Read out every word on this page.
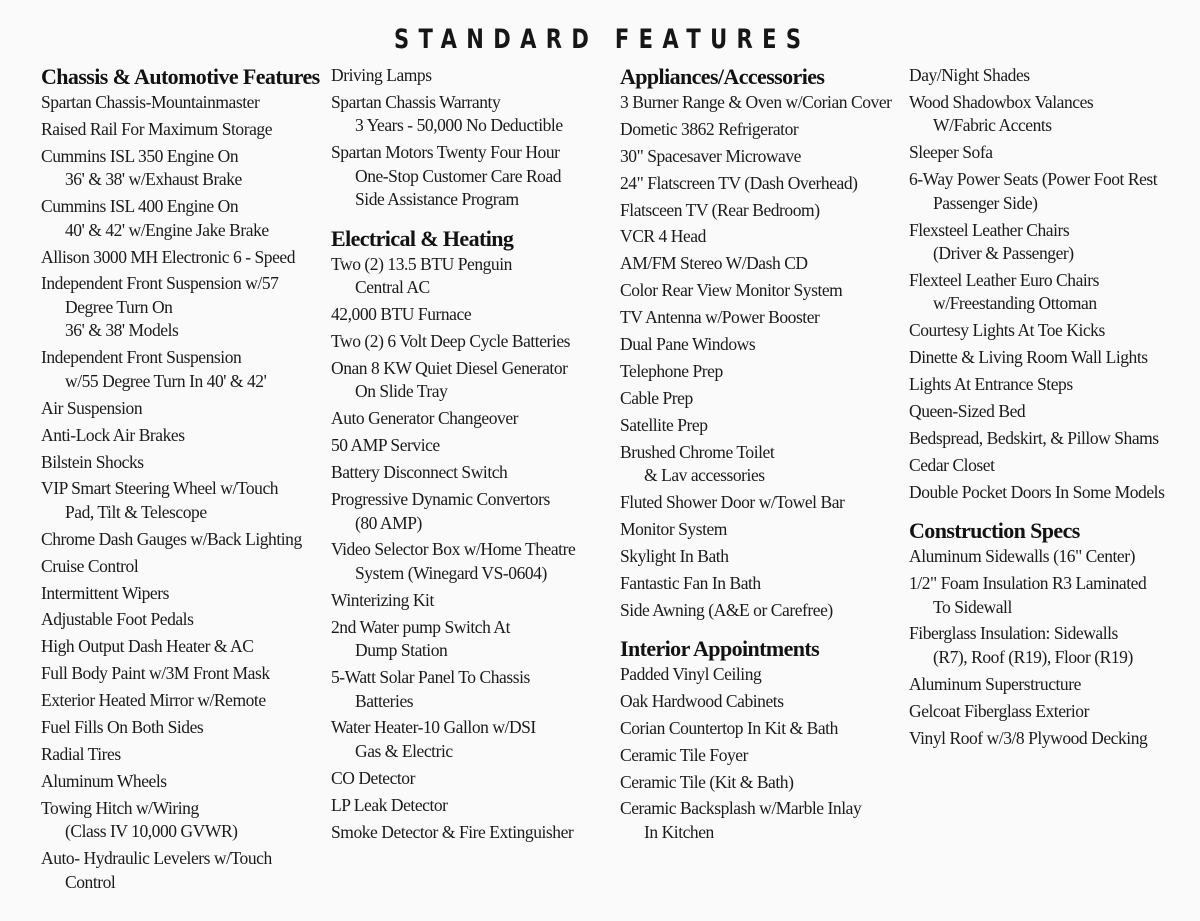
STANDARD FEATURES
Chassis & Automotive Features
Spartan Chassis-Mountainmaster
Raised Rail For Maximum Storage
Cummins ISL 350 Engine On
36' & 38' w/Exhaust Brake
Cummins ISL 400 Engine On
40' & 42' w/Engine Jake Brake
Allison 3000 MH Electronic 6 - Speed
Independent Front Suspension w/57
Degree Turn On
36' & 38' Models
Independent Front Suspension
w/55 Degree Turn In 40' & 42'
Air Suspension
Anti-Lock Air Brakes
Bilstein Shocks
VIP Smart Steering Wheel w/Touch
Pad, Tilt & Telescope
Chrome Dash Gauges w/Back Lighting
Cruise Control
Intermittent Wipers
Adjustable Foot Pedals
High Output Dash Heater & AC
Full Body Paint w/3M Front Mask
Exterior Heated Mirror w/Remote
Fuel Fills On Both Sides
Radial Tires
Aluminum Wheels
Towing Hitch w/Wiring
(Class IV 10,000 GVWR)
Auto- Hydraulic Levelers w/Touch
Control
Driving Lamps
Spartan Chassis Warranty
3 Years - 50,000 No Deductible
Spartan Motors Twenty Four Hour
One-Stop Customer Care Road
Side Assistance Program
Electrical & Heating
Two (2) 13.5 BTU Penguin
Central AC
42,000 BTU Furnace
Two (2) 6 Volt Deep Cycle Batteries
Onan 8 KW Quiet Diesel Generator
On Slide Tray
Auto Generator Changeover
50 AMP Service
Battery Disconnect Switch
Progressive Dynamic Convertors
(80 AMP)
Video Selector Box w/Home Theatre
System (Winegard VS-0604)
Winterizing Kit
2nd Water pump Switch At
Dump Station
5-Watt Solar Panel To Chassis
Batteries
Water Heater-10 Gallon w/DSI
Gas & Electric
CO Detector
LP Leak Detector
Smoke Detector & Fire Extinguisher
Appliances/Accessories
3 Burner Range & Oven w/Corian Cover
Dometic 3862 Refrigerator
30" Spacesaver Microwave
24" Flatscreen TV (Dash Overhead)
Flatsceen TV (Rear Bedroom)
VCR 4 Head
AM/FM Stereo W/Dash CD
Color Rear View Monitor System
TV Antenna w/Power Booster
Dual Pane Windows
Telephone Prep
Cable Prep
Satellite Prep
Brushed Chrome Toilet
& Lav accessories
Fluted Shower Door w/Towel Bar
Monitor System
Skylight In Bath
Fantastic Fan In Bath
Side Awning (A&E or Carefree)
Interior Appointments
Padded Vinyl Ceiling
Oak Hardwood Cabinets
Corian Countertop In Kit & Bath
Ceramic Tile Foyer
Ceramic Tile (Kit & Bath)
Ceramic Backsplash w/Marble Inlay
In Kitchen
Day/Night Shades
Wood Shadowbox Valances
W/Fabric Accents
Sleeper Sofa
6-Way Power Seats (Power Foot Rest
Passenger Side)
Flexsteel Leather Chairs
(Driver & Passenger)
Flexteel Leather Euro Chairs
w/Freestanding Ottoman
Courtesy Lights At Toe Kicks
Dinette & Living Room Wall Lights
Lights At Entrance Steps
Queen-Sized Bed
Bedspread, Bedskirt, & Pillow Shams
Cedar Closet
Double Pocket Doors In Some Models
Construction Specs
Aluminum Sidewalls (16" Center)
1/2" Foam Insulation R3 Laminated
To Sidewall
Fiberglass Insulation: Sidewalls
(R7), Roof (R19), Floor (R19)
Aluminum Superstructure
Gelcoat Fiberglass Exterior
Vinyl Roof w/3/8 Plywood Decking
